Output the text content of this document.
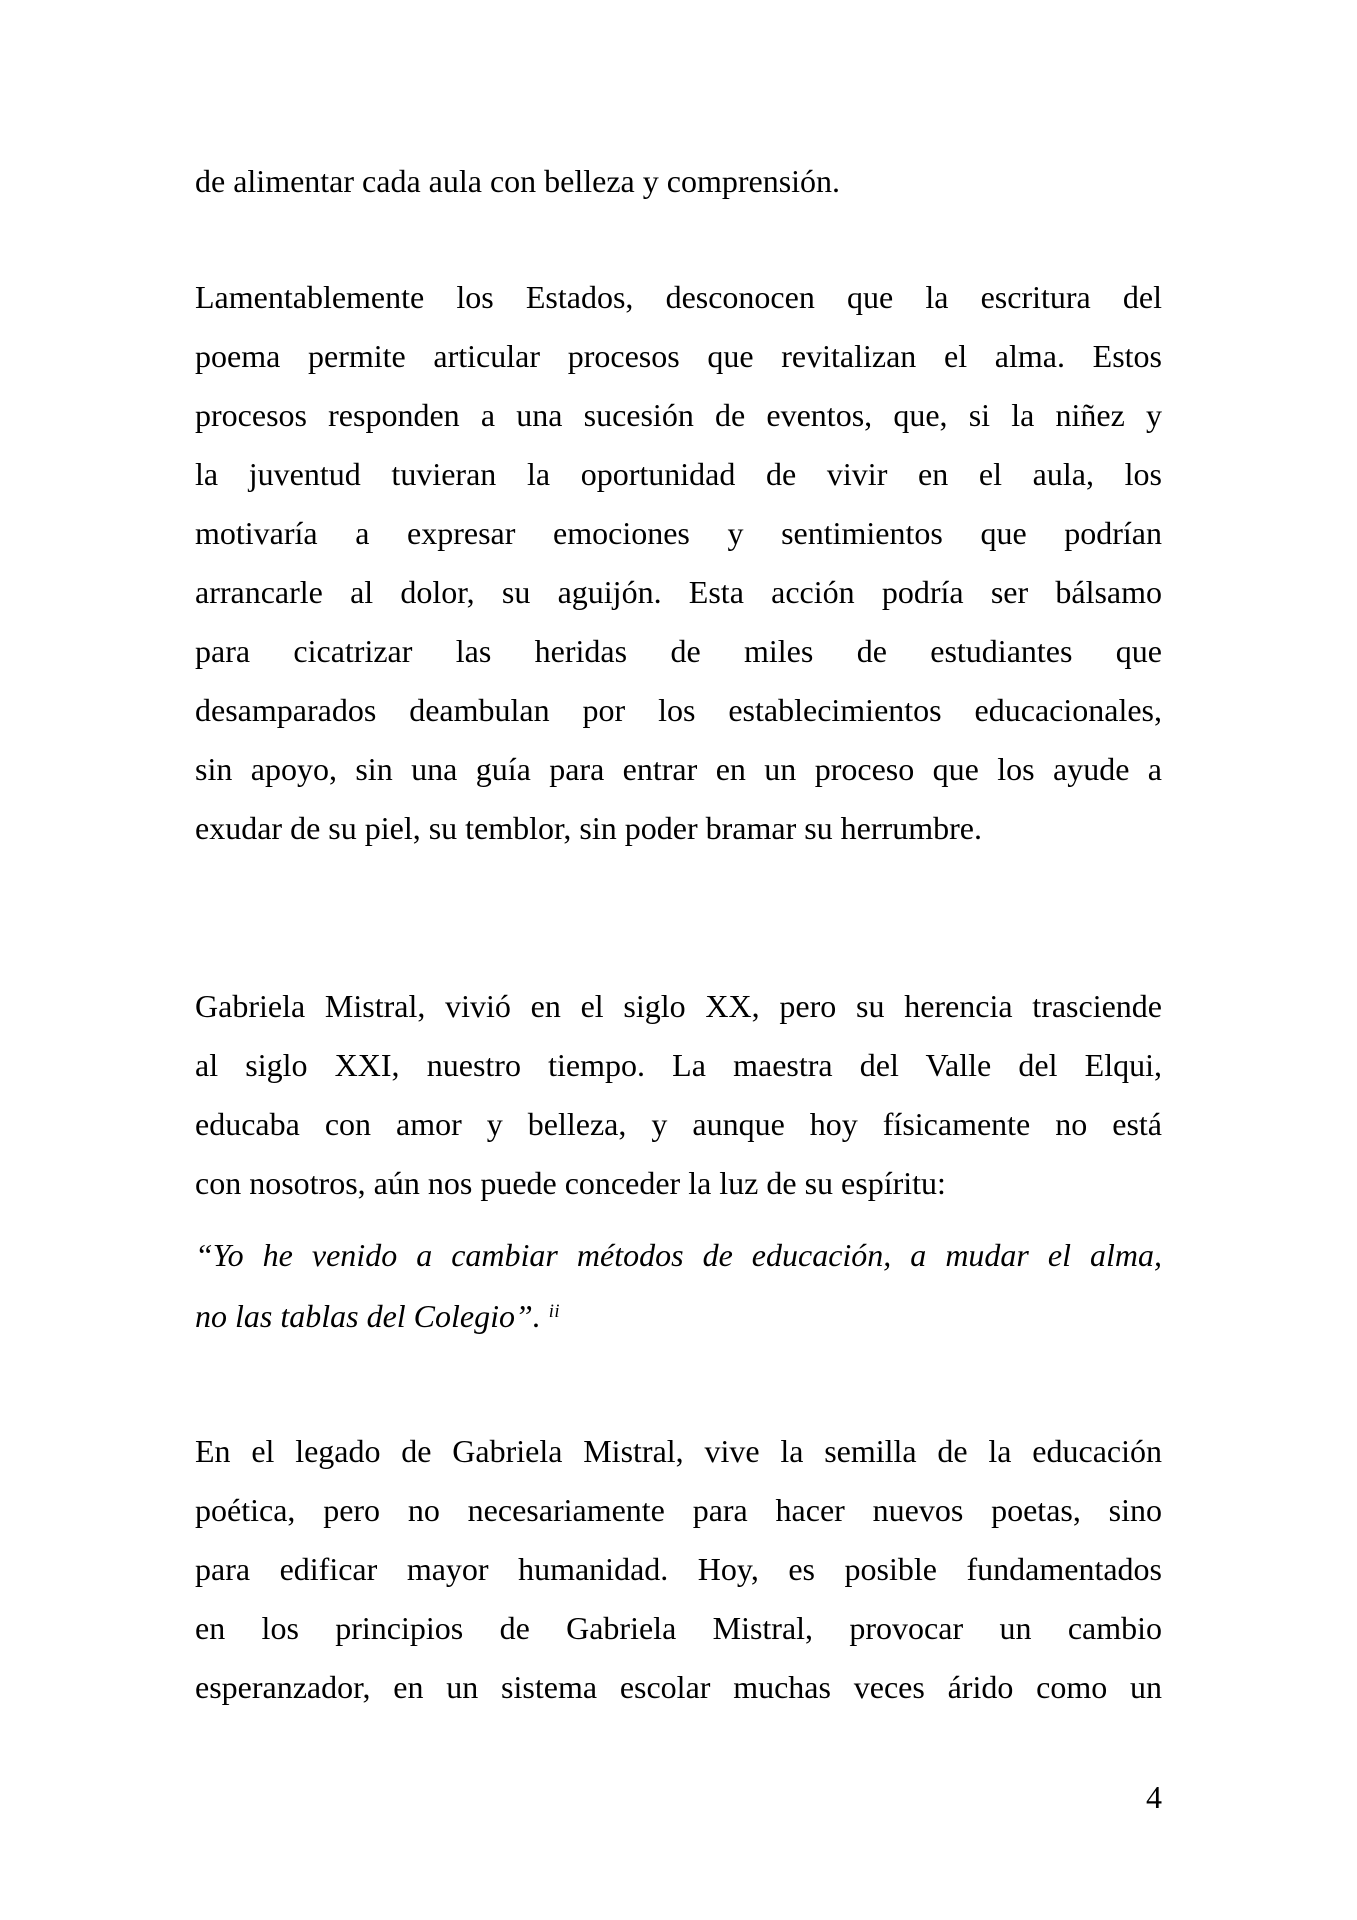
de alimentar cada aula con belleza y comprensión.
Lamentablemente los Estados, desconocen que la escritura del
poema permite articular procesos que revitalizan el alma. Estos
procesos responden a una sucesión de eventos, que, si la niñez y
la juventud tuvieran la oportunidad de vivir en el aula, los
motivaría a expresar emociones y sentimientos que podrían
arrancarle al dolor, su aguijón. Esta acción podría ser bálsamo
para cicatrizar las heridas de miles de estudiantes que
desamparados deambulan por los establecimientos educacionales,
sin apoyo, sin una guía para entrar en un proceso que los ayude a
exudar de su piel, su temblor, sin poder bramar su herrumbre.
Gabriela Mistral, vivió en el siglo XX, pero su herencia trasciende
al siglo XXI, nuestro tiempo. La maestra del Valle del Elqui,
educaba con amor y belleza, y aunque hoy físicamente no está
con nosotros, aún nos puede conceder la luz de su espíritu:
“Yo he venido a cambiar métodos de educación, a mudar el alma,
no las tablas del Colegio”. $^{ii}$
En el legado de Gabriela Mistral, vive la semilla de la educación
poética, pero no necesariamente para hacer nuevos poetas, sino
para edificar mayor humanidad. Hoy, es posible fundamentados
en los principios de Gabriela Mistral, provocar un cambio
esperanzador, en un sistema escolar muchas veces árido como un
4
